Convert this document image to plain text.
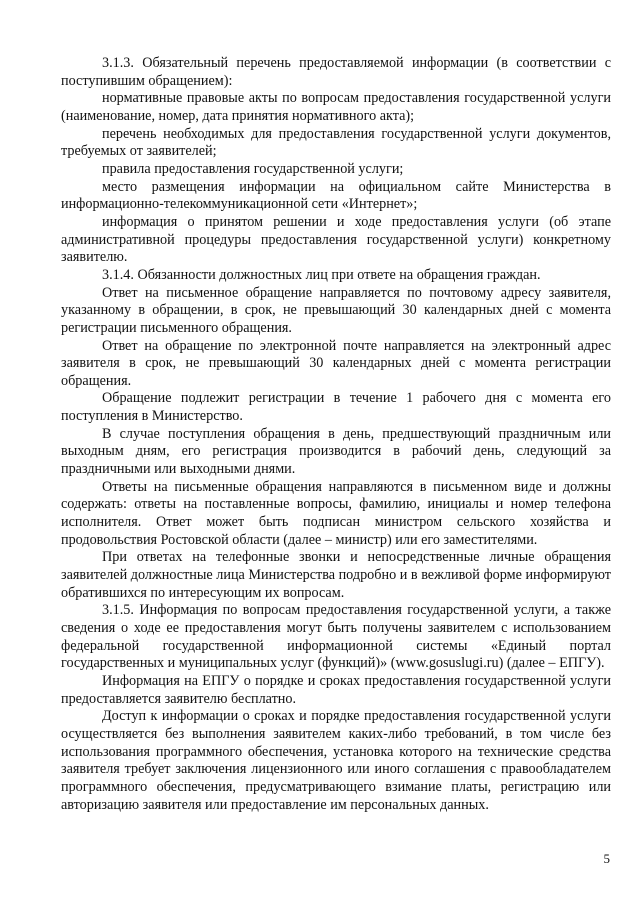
3.1.3. Обязательный перечень предоставляемой информации (в соответствии с поступившим обращением):

нормативные правовые акты по вопросам предоставления государственной услуги (наименование, номер, дата принятия нормативного акта);

перечень необходимых для предоставления государственной услуги документов, требуемых от заявителей;

правила предоставления государственной услуги;

место размещения информации на официальном сайте Министерства в информационно-телекоммуникационной сети «Интернет»;

информация о принятом решении и ходе предоставления услуги (об этапе административной процедуры предоставления государственной услуги) конкретному заявителю.

3.1.4. Обязанности должностных лиц при ответе на обращения граждан.

Ответ на письменное обращение направляется по почтовому адресу заявителя, указанному в обращении, в срок, не превышающий 30 календарных дней с момента регистрации письменного обращения.

Ответ на обращение по электронной почте направляется на электронный адрес заявителя в срок, не превышающий 30 календарных дней с момента регистрации обращения.

Обращение подлежит регистрации в течение 1 рабочего дня с момента его поступления в Министерство.

В случае поступления обращения в день, предшествующий праздничным или выходным дням, его регистрация производится в рабочий день, следующий за праздничными или выходными днями.

Ответы на письменные обращения направляются в письменном виде и должны содержать: ответы на поставленные вопросы, фамилию, инициалы и номер телефона исполнителя. Ответ может быть подписан министром сельского хозяйства и продовольствия Ростовской области (далее – министр) или его заместителями.

При ответах на телефонные звонки и непосредственные личные обращения заявителей должностные лица Министерства подробно и в вежливой форме информируют обратившихся по интересующим их вопросам.

3.1.5. Информация по вопросам предоставления государственной услуги, а также сведения о ходе ее предоставления могут быть получены заявителем с использованием федеральной государственной информационной системы «Единый портал государственных и муниципальных услуг (функций)» (www.gosuslugi.ru) (далее – ЕПГУ).

Информация на ЕПГУ о порядке и сроках предоставления государственной услуги предоставляется заявителю бесплатно.

Доступ к информации о сроках и порядке предоставления государственной услуги осуществляется без выполнения заявителем каких-либо требований, в том числе без использования программного обеспечения, установка которого на технические средства заявителя требует заключения лицензионного или иного соглашения с правообладателем программного обеспечения, предусматривающего взимание платы, регистрацию или авторизацию заявителя или предоставление им персональных данных.

5
